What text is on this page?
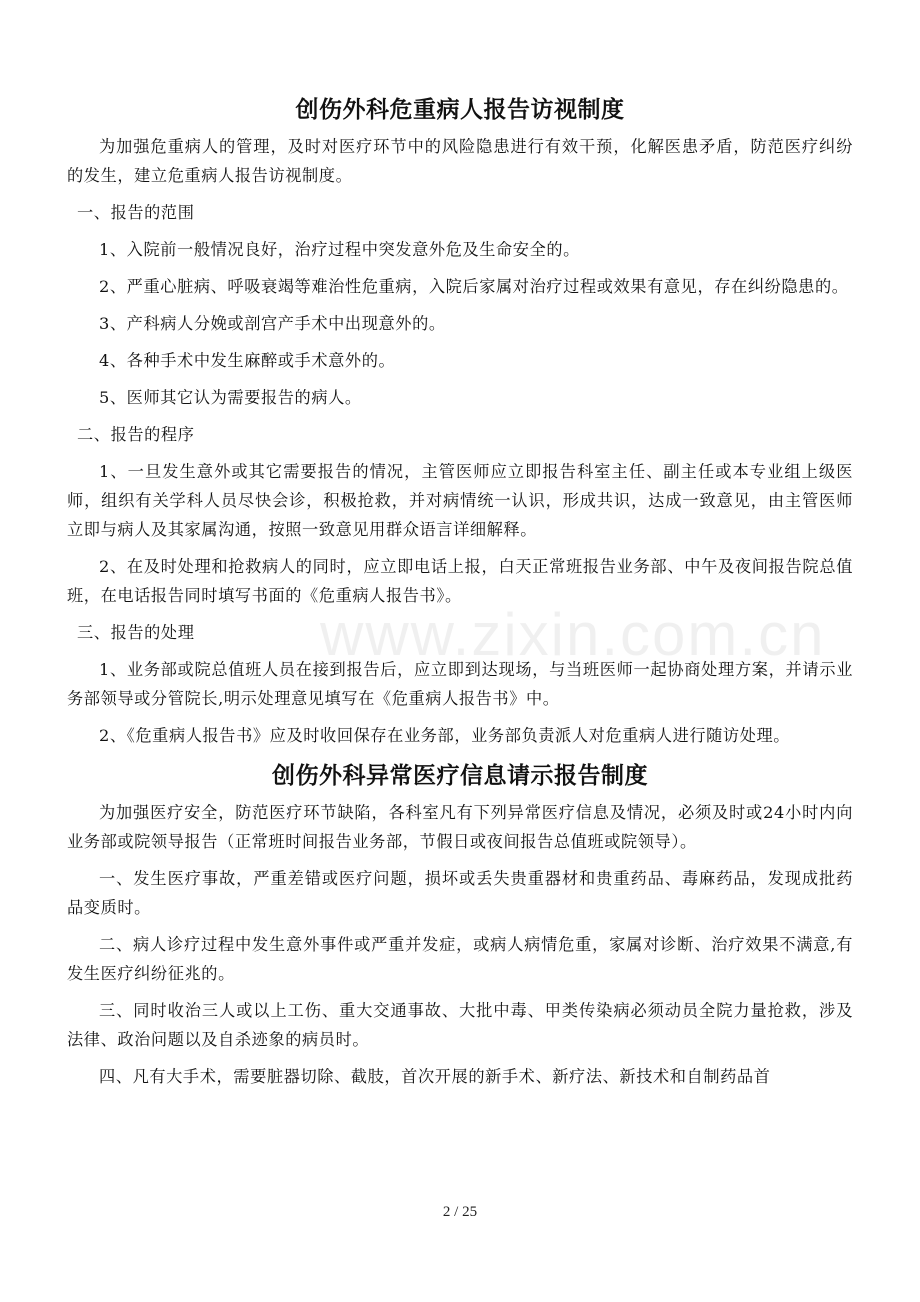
www.zixin.com.cn
创伤外科危重病人报告访视制度

为加强危重病人的管理，及时对医疗环节中的风险隐患进行有效干预，化解医患矛盾，防范医疗纠纷的发生，建立危重病人报告访视制度。

一、报告的范围

1、入院前一般情况良好，治疗过程中突发意外危及生命安全的。

2、严重心脏病、呼吸衰竭等难治性危重病，入院后家属对治疗过程或效果有意见，存在纠纷隐患的。

3、产科病人分娩或剖宫产手术中出现意外的。

4、各种手术中发生麻醉或手术意外的。

5、医师其它认为需要报告的病人。

二、报告的程序

1、一旦发生意外或其它需要报告的情况，主管医师应立即报告科室主任、副主任或本专业组上级医师，组织有关学科人员尽快会诊，积极抢救，并对病情统一认识，形成共识，达成一致意见，由主管医师立即与病人及其家属沟通，按照一致意见用群众语言详细解释。

2、在及时处理和抢救病人的同时，应立即电话上报，白天正常班报告业务部、中午及夜间报告院总值班，在电话报告同时填写书面的《危重病人报告书》。

三、报告的处理

1、业务部或院总值班人员在接到报告后，应立即到达现场，与当班医师一起协商处理方案，并请示业务部领导或分管院长,明示处理意见填写在《危重病人报告书》中。

2、《危重病人报告书》应及时收回保存在业务部，业务部负责派人对危重病人进行随访处理。

创伤外科异常医疗信息请示报告制度

为加强医疗安全，防范医疗环节缺陷，各科室凡有下列异常医疗信息及情况，必须及时或24小时内向业务部或院领导报告（正常班时间报告业务部，节假日或夜间报告总值班或院领导）。

一、发生医疗事故，严重差错或医疗问题，损坏或丢失贵重器材和贵重药品、毒麻药品，发现成批药品变质时。

二、病人诊疗过程中发生意外事件或严重并发症，或病人病情危重，家属对诊断、治疗效果不满意,有发生医疗纠纷征兆的。

三、同时收治三人或以上工伤、重大交通事故、大批中毒、甲类传染病必须动员全院力量抢救，涉及法律、政治问题以及自杀迹象的病员时。

四、凡有大手术，需要脏器切除、截肢，首次开展的新手术、新疗法、新技术和自制药品首

2 / 25
